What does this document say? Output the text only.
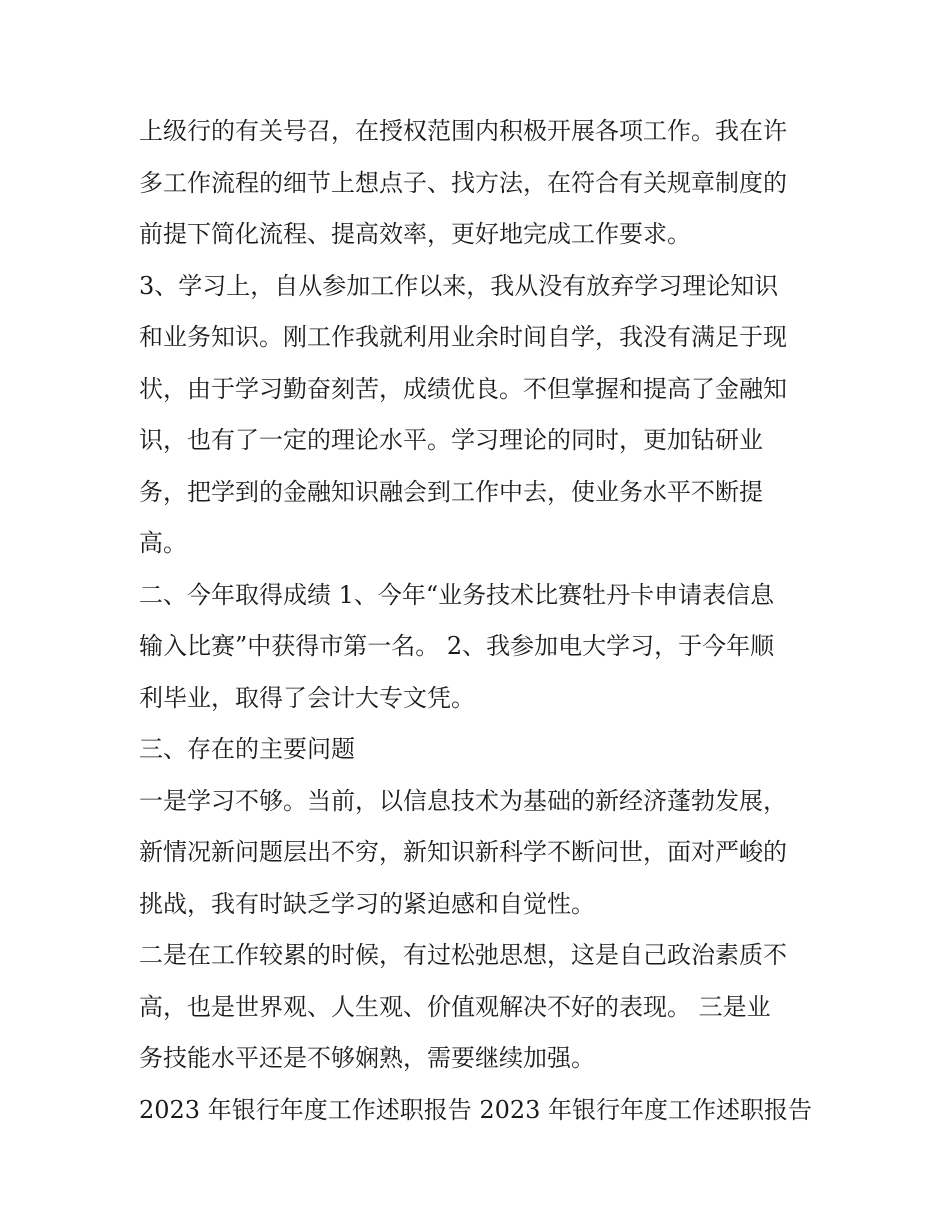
上级行的有关号召，在授权范围内积极开展各项工作。我在许
多工作流程的细节上想点子、找方法，在符合有关规章制度的
前提下简化流程、提高效率，更好地完成工作要求。

3、学习上，自从参加工作以来，我从没有放弃学习理论知识
和业务知识。刚工作我就利用业余时间自学，我没有满足于现
状，由于学习勤奋刻苦，成绩优良。不但掌握和提高了金融知
识，也有了一定的理论水平。学习理论的同时，更加钻研业
务，把学到的金融知识融会到工作中去，使业务水平不断提
高。

二、今年取得成绩 1、今年“业务技术比赛牡丹卡申请表信息
输入比赛”中获得市第一名。 2、我参加电大学习，于今年顺
利毕业，取得了会计大专文凭。

三、存在的主要问题

一是学习不够。当前，以信息技术为基础的新经济蓬勃发展，
新情况新问题层出不穷，新知识新科学不断问世，面对严峻的
挑战，我有时缺乏学习的紧迫感和自觉性。

二是在工作较累的时候，有过松弛思想，这是自己政治素质不
高，也是世界观、人生观、价值观解决不好的表现。 三是业
务技能水平还是不够娴熟，需要继续加强。

2023 年银行年度工作述职报告 2023 年银行年度工作述职报告
